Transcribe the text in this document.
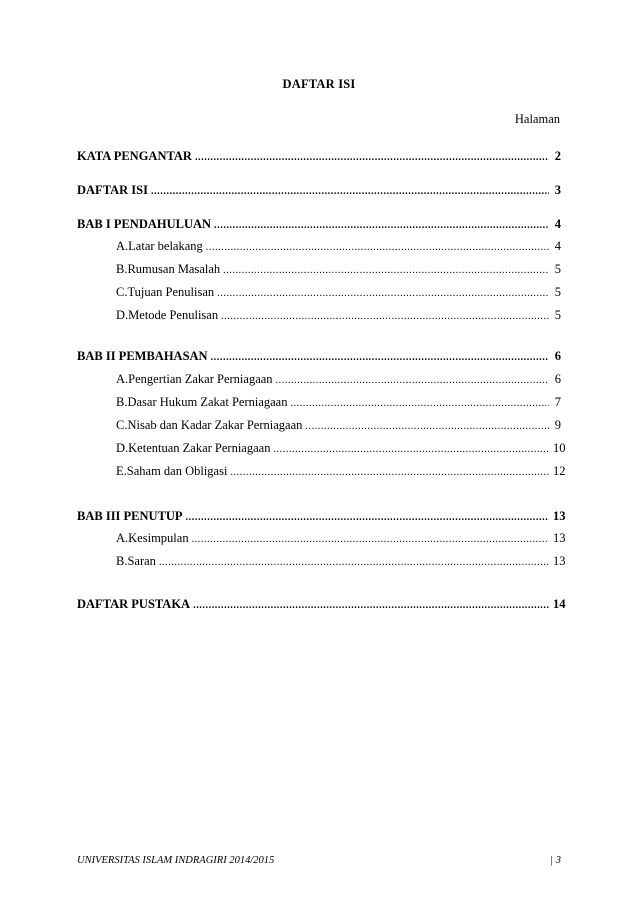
DAFTAR ISI
Halaman
KATA PENGANTAR .....	2
DAFTAR ISI .....	3
BAB I PENDAHULUAN .....	4
A. Latar belakang .....	4
B. Rumusan Masalah .....	5
C. Tujuan Penulisan .....	5
D. Metode Penulisan .....	5
BAB II PEMBAHASAN .....	6
A. Pengertian Zakar Perniagaan .....	6
B. Dasar Hukum Zakat Perniagaan .....	7
C. Nisab dan Kadar Zakar Perniagaan .....	9
D. Ketentuan Zakar Perniagaan .....	10
E. Saham dan Obligasi .....	12
BAB III PENUTUP .....	13
A. Kesimpulan .....	13
B. Saran .....	13
DAFTAR PUSTAKA .....	14
UNIVERSITAS ISLAM INDRAGIRI 2014/2015	| 3
